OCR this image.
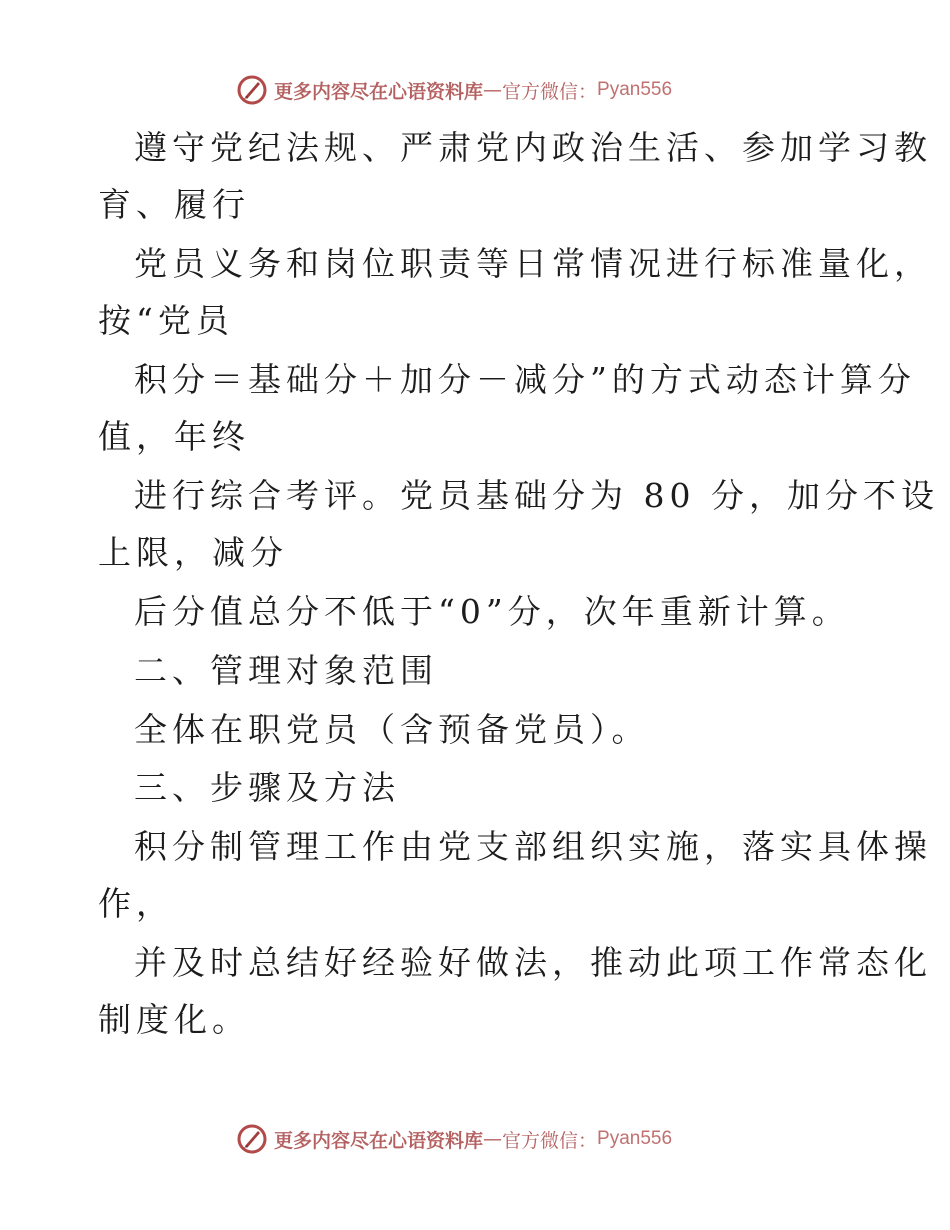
更多内容尽在心语资料库 — 官方微信： Pyan556
遵守党纪法规、严肃党内政治生活、参加学习教
育、履行
党员义务和岗位职责等日常情况进行标准量化，
按“党员
积分＝基础分＋加分－减分”的方式动态计算分
值，年终
进行综合考评。党员基础分为 80 分，加分不设
上限，减分
后分值总分不低于“0”分，次年重新计算。
二、管理对象范围
全体在职党员（含预备党员）。
三、步骤及方法
积分制管理工作由党支部组织实施，落实具体操
作，
并及时总结好经验好做法，推动此项工作常态化
制度化。
更多内容尽在心语资料库 — 官方微信： Pyan556
